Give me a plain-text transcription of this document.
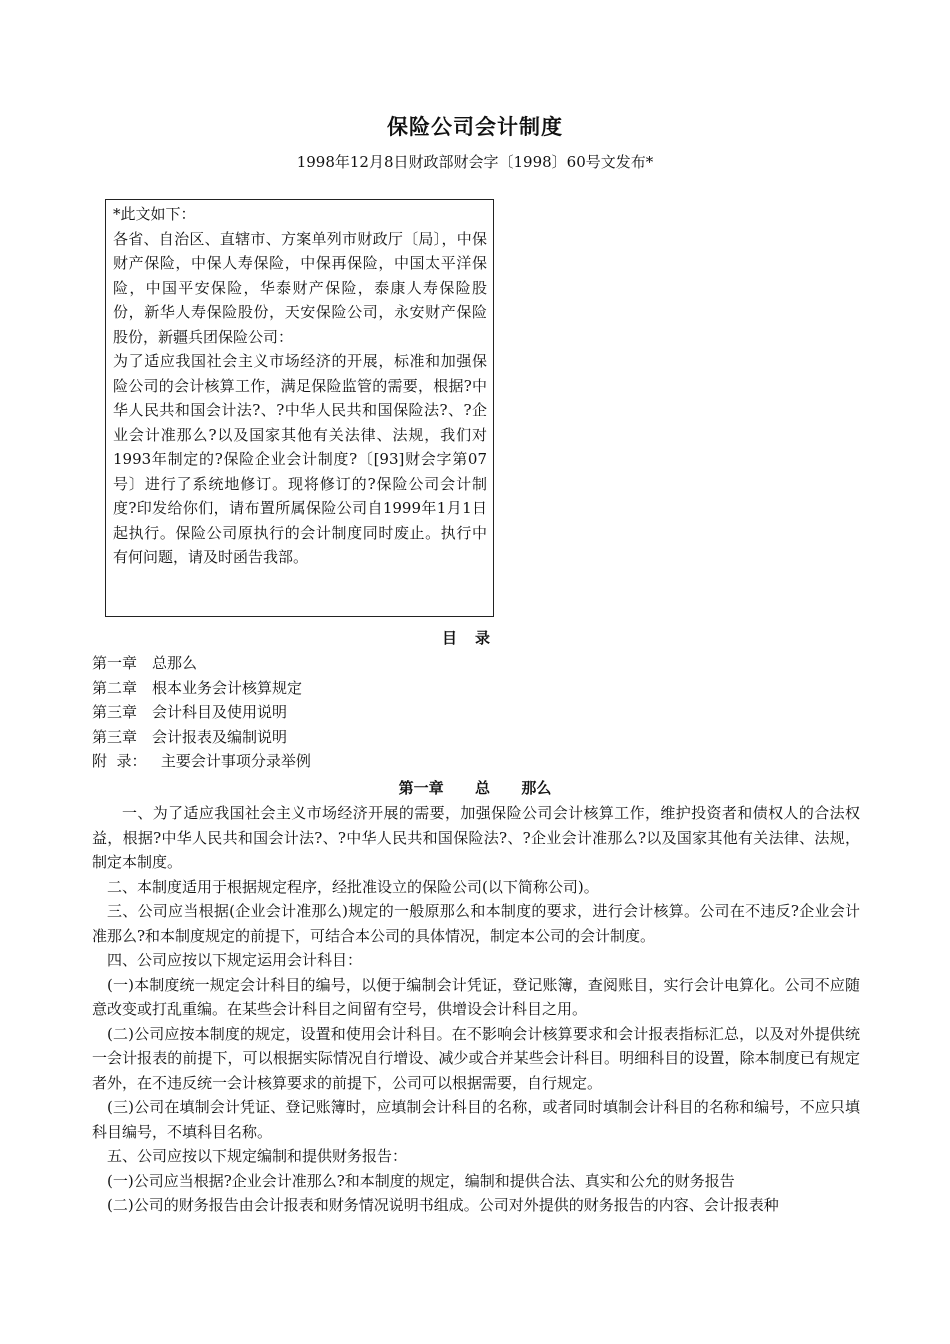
保险公司会计制度
1998年12月8日财政部财会字〔1998〕60号文发布*

*此文如下：

各省、自治区、直辖市、方案单列市财政厅〔局〕，中保财产保险，中保人寿保险，中保再保险，中国太平洋保险，中国平安保险，华泰财产保险，泰康人寿保险股份，新华人寿保险股份，天安保险公司，永安财产保险股份，新疆兵团保险公司：

为了适应我国社会主义市场经济的开展，标准和加强保险公司的会计核算工作，满足保险监管的需要，根据?中华人民共和国会计法?、?中华人民共和国保险法?、?企业会计准那么?以及国家其他有关法律、法规，我们对1993年制定的?保险企业会计制度?〔[93]财会字第07号〕进行了系统地修订。现将修订的?保险公司会计制度?印发给你们，请布置所属保险公司自1999年1月1日起执行。保险公司原执行的会计制度同时废止。执行中有何问题，请及时函告我部。

目录
第一章　总那么
第二章　根本业务会计核算规定
第三章　会计科目及使用说明
第三章　会计报表及编制说明
附  录：   主要会计事项分录举例
第一章      总      那么

一、为了适应我国社会主义市场经济开展的需要，加强保险公司会计核算工作，维护投资者和债权人的合法权益，根据?中华人民共和国会计法?、?中华人民共和国保险法?、?企业会计准那么?以及国家其他有关法律、法规，制定本制度。

二、本制度适用于根据规定程序，经批准设立的保险公司(以下简称公司)。

三、公司应当根据(企业会计准那么)规定的一般原那么和本制度的要求，进行会计核算。公司在不违反?企业会计准那么?和本制度规定的前提下，可结合本公司的具体情况，制定本公司的会计制度。

四、公司应按以下规定运用会计科目：

(一)本制度统一规定会计科目的编号，以便于编制会计凭证，登记账簿，查阅账目，实行会计电算化。公司不应随意改变或打乱重编。在某些会计科目之间留有空号，供增设会计科目之用。

(二)公司应按本制度的规定，设置和使用会计科目。在不影响会计核算要求和会计报表指标汇总，以及对外提供统一会计报表的前提下，可以根据实际情况自行增设、减少或合并某些会计科目。明细科目的设置，除本制度已有规定者外，在不违反统一会计核算要求的前提下，公司可以根据需要，自行规定。

(三)公司在填制会计凭证、登记账簿时，应填制会计科目的名称，或者同时填制会计科目的名称和编号，不应只填科目编号，不填科目名称。

五、公司应按以下规定编制和提供财务报告：

(一)公司应当根据?企业会计准那么?和本制度的规定，编制和提供合法、真实和公允的财务报告

(二)公司的财务报告由会计报表和财务情况说明书组成。公司对外提供的财务报告的内容、会计报表种
